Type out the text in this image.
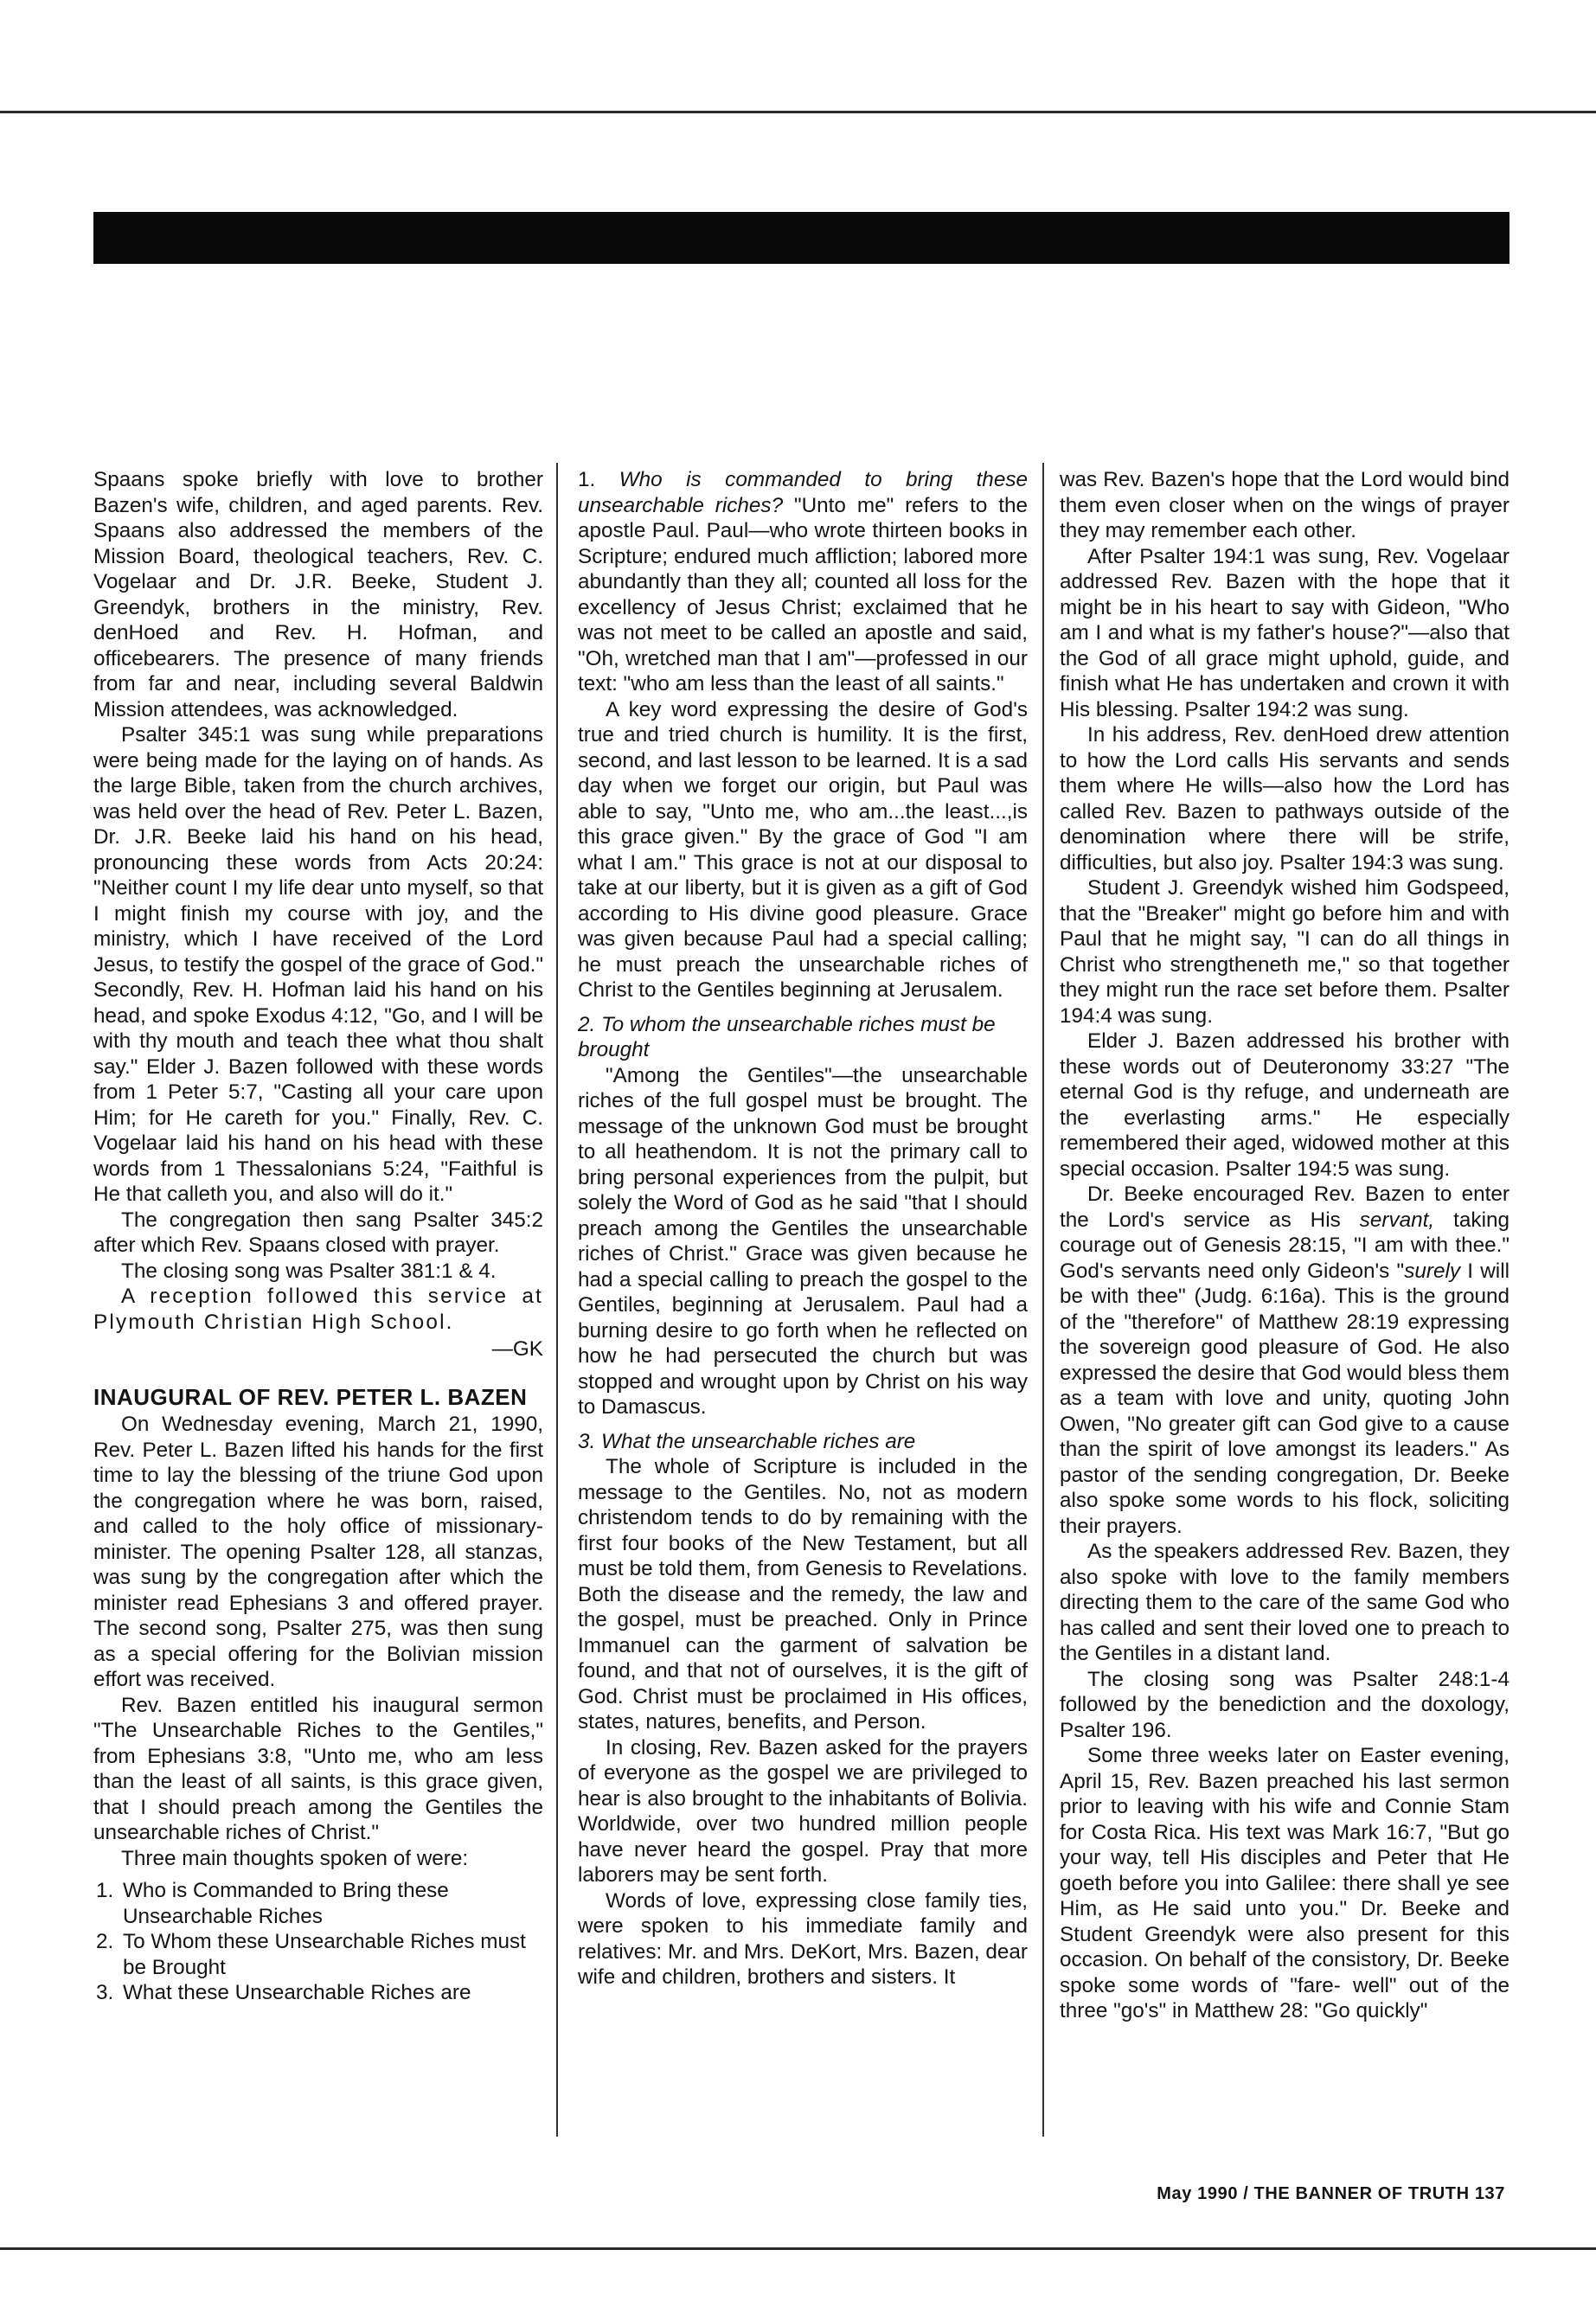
Spaans spoke briefly with love to brother Bazen's wife, children, and aged parents. Rev. Spaans also addressed the members of the Mission Board, theological teachers, Rev. C. Vogelaar and Dr. J.R. Beeke, Student J. Greendyk, brothers in the ministry, Rev. denHoed and Rev. H. Hofman, and officebearers. The presence of many friends from far and near, including several Baldwin Mission attendees, was acknowledged.

Psalter 345:1 was sung while preparations were being made for the laying on of hands. As the large Bible, taken from the church archives, was held over the head of Rev. Peter L. Bazen, Dr. J.R. Beeke laid his hand on his head, pronouncing these words from Acts 20:24: "Neither count I my life dear unto myself, so that I might finish my course with joy, and the ministry, which I have received of the Lord Jesus, to testify the gospel of the grace of God." Secondly, Rev. H. Hofman laid his hand on his head, and spoke Exodus 4:12, "Go, and I will be with thy mouth and teach thee what thou shalt say." Elder J. Bazen followed with these words from 1 Peter 5:7, "Casting all your care upon Him; for He careth for you." Finally, Rev. C. Vogelaar laid his hand on his head with these words from 1 Thessalonians 5:24, "Faithful is He that calleth you, and also will do it."

The congregation then sang Psalter 345:2 after which Rev. Spaans closed with prayer.

The closing song was Psalter 381:1 & 4.

A reception followed this service at Plymouth Christian High School.

—GK
INAUGURAL OF REV. PETER L. BAZEN

On Wednesday evening, March 21, 1990, Rev. Peter L. Bazen lifted his hands for the first time to lay the blessing of the triune God upon the congregation where he was born, raised, and called to the holy office of missionary-minister. The opening Psalter 128, all stanzas, was sung by the congregation after which the minister read Ephesians 3 and offered prayer. The second song, Psalter 275, was then sung as a special offering for the Bolivian mission effort was received.

Rev. Bazen entitled his inaugural sermon "The Unsearchable Riches to the Gentiles," from Ephesians 3:8, "Unto me, who am less than the least of all saints, is this grace given, that I should preach among the Gentiles the unsearchable riches of Christ."

Three main thoughts spoken of were:

1. Who is Commanded to Bring these Unsearchable Riches
2. To Whom these Unsearchable Riches must be Brought
3. What these Unsearchable Riches are

1. Who is commanded to bring these unsearchable riches? "Unto me" refers to the apostle Paul. Paul—who wrote thirteen books in Scripture; endured much affliction; labored more abundantly than they all; counted all loss for the excellency of Jesus Christ; exclaimed that he was not meet to be called an apostle and said, "Oh, wretched man that I am"—professed in our text: "who am less than the least of all saints."

A key word expressing the desire of God's true and tried church is humility. It is the first, second, and last lesson to be learned. It is a sad day when we forget our origin, but Paul was able to say, "Unto me, who am...the least...,is this grace given." By the grace of God "I am what I am." This grace is not at our disposal to take at our liberty, but it is given as a gift of God according to His divine good pleasure. Grace was given because Paul had a special calling; he must preach the unsearchable riches of Christ to the Gentiles beginning at Jerusalem.

2. To whom the unsearchable riches must be brought

"Among the Gentiles"—the unsearchable riches of the full gospel must be brought. The message of the unknown God must be brought to all heathendom. It is not the primary call to bring personal experiences from the pulpit, but solely the Word of God as he said "that I should preach among the Gentiles the unsearchable riches of Christ." Grace was given because he had a special calling to preach the gospel to the Gentiles, beginning at Jerusalem. Paul had a burning desire to go forth when he reflected on how he had persecuted the church but was stopped and wrought upon by Christ on his way to Damascus.

3. What the unsearchable riches are

The whole of Scripture is included in the message to the Gentiles. No, not as modern christendom tends to do by remaining with the first four books of the New Testament, but all must be told them, from Genesis to Revelations. Both the disease and the remedy, the law and the gospel, must be preached. Only in Prince Immanuel can the garment of salvation be found, and that not of ourselves, it is the gift of God. Christ must be proclaimed in His offices, states, natures, benefits, and Person.

In closing, Rev. Bazen asked for the prayers of everyone as the gospel we are privileged to hear is also brought to the inhabitants of Bolivia. Worldwide, over two hundred million people have never heard the gospel. Pray that more laborers may be sent forth.

Words of love, expressing close family ties, were spoken to his immediate family and relatives: Mr. and Mrs. DeKort, Mrs. Bazen, dear wife and children, brothers and sisters. It

was Rev. Bazen's hope that the Lord would bind them even closer when on the wings of prayer they may remember each other.

After Psalter 194:1 was sung, Rev. Vogelaar addressed Rev. Bazen with the hope that it might be in his heart to say with Gideon, "Who am I and what is my father's house?"—also that the God of all grace might uphold, guide, and finish what He has undertaken and crown it with His blessing. Psalter 194:2 was sung.

In his address, Rev. denHoed drew attention to how the Lord calls His servants and sends them where He wills—also how the Lord has called Rev. Bazen to pathways outside of the denomination where there will be strife, difficulties, but also joy. Psalter 194:3 was sung.

Student J. Greendyk wished him Godspeed, that the "Breaker" might go before him and with Paul that he might say, "I can do all things in Christ who strengtheneth me," so that together they might run the race set before them. Psalter 194:4 was sung.

Elder J. Bazen addressed his brother with these words out of Deuteronomy 33:27 "The eternal God is thy refuge, and underneath are the everlasting arms." He especially remembered their aged, widowed mother at this special occasion. Psalter 194:5 was sung.

Dr. Beeke encouraged Rev. Bazen to enter the Lord's service as His servant, taking courage out of Genesis 28:15, "I am with thee." God's servants need only Gideon's "surely I will be with thee" (Judg. 6:16a). This is the ground of the "therefore" of Matthew 28:19 expressing the sovereign good pleasure of God. He also expressed the desire that God would bless them as a team with love and unity, quoting John Owen, "No greater gift can God give to a cause than the spirit of love amongst its leaders." As pastor of the sending congregation, Dr. Beeke also spoke some words to his flock, soliciting their prayers.

As the speakers addressed Rev. Bazen, they also spoke with love to the family members directing them to the care of the same God who has called and sent their loved one to preach to the Gentiles in a distant land.

The closing song was Psalter 248:1-4 followed by the benediction and the doxology, Psalter 196.

Some three weeks later on Easter evening, April 15, Rev. Bazen preached his last sermon prior to leaving with his wife and Connie Stam for Costa Rica. His text was Mark 16:7, "But go your way, tell His disciples and Peter that He goeth before you into Galilee: there shall ye see Him, as He said unto you." Dr. Beeke and Student Greendyk were also present for this occasion. On behalf of the consistory, Dr. Beeke spoke some words of "fare- well" out of the three "go's" in Matthew 28: "Go quickly"

May 1990 / THE BANNER OF TRUTH 137
